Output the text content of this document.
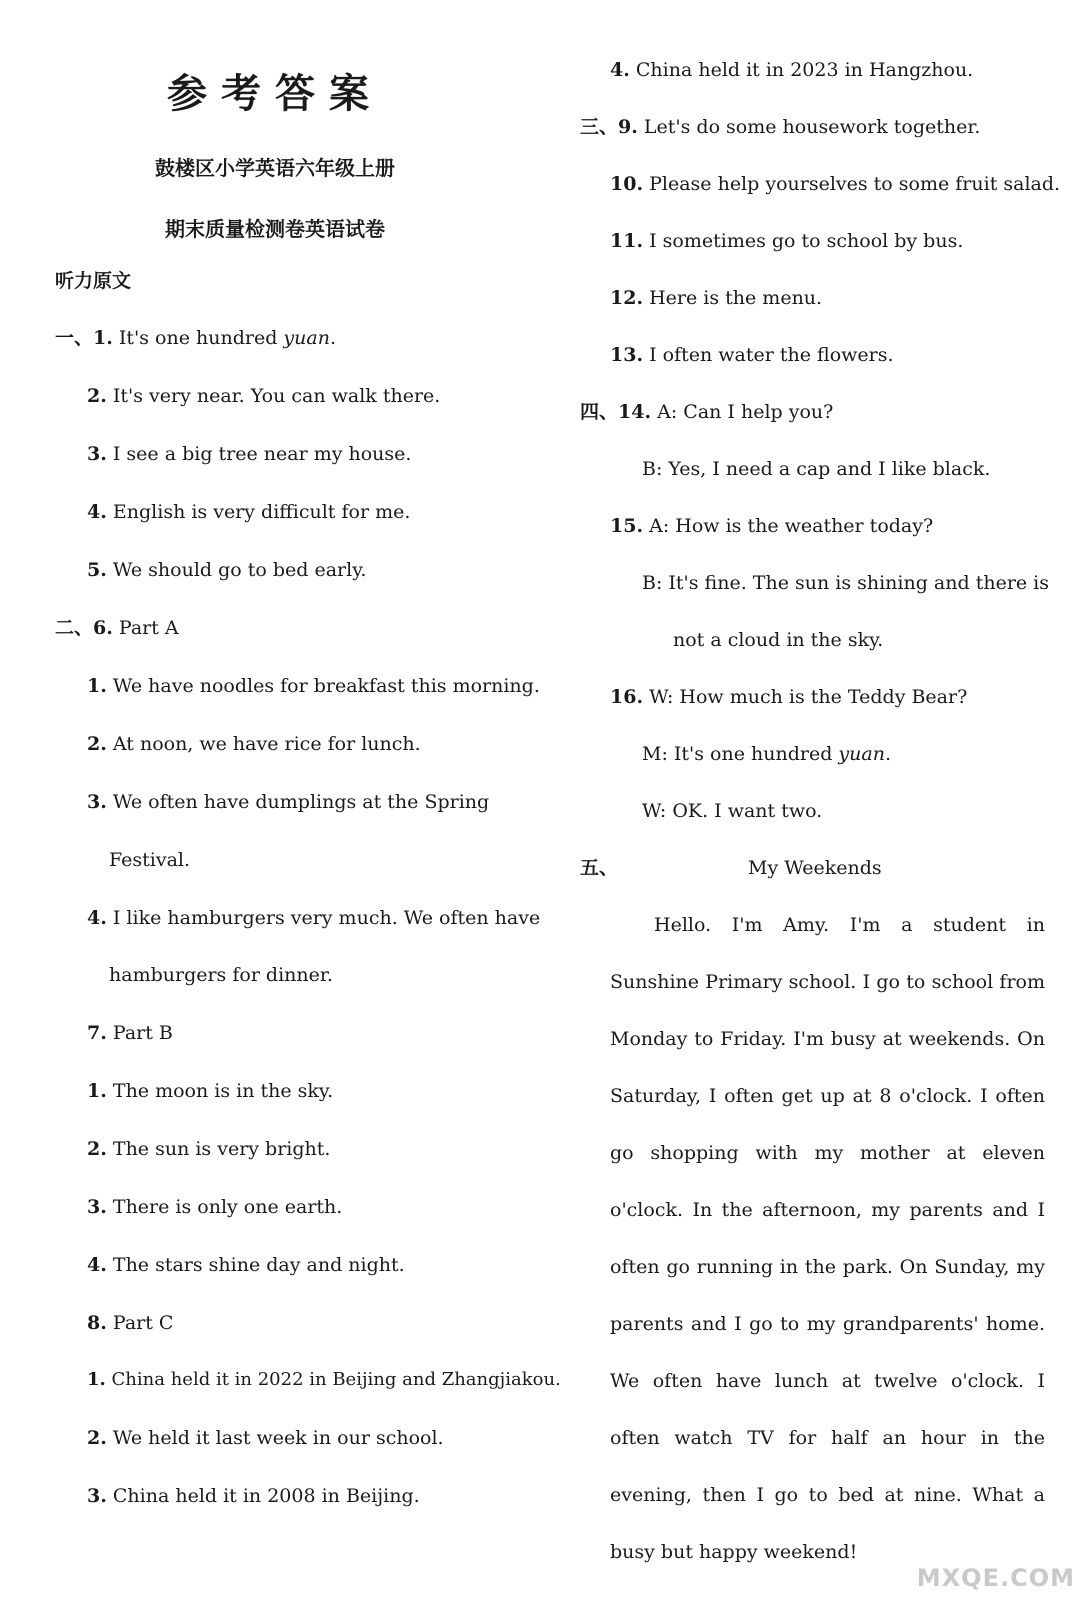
参考答案
鼓楼区小学英语六年级上册
期末质量检测卷英语试卷
听力原文
一、1. It's one hundred yuan.
2. It's very near. You can walk there.
3. I see a big tree near my house.
4. English is very difficult for me.
5. We should go to bed early.
二、6. Part A
1. We have noodles for breakfast this morning.
2. At noon, we have rice for lunch.
3. We often have dumplings at the Spring
Festival.
4. I like hamburgers very much. We often have
hamburgers for dinner.
7. Part B
1. The moon is in the sky.
2. The sun is very bright.
3. There is only one earth.
4. The stars shine day and night.
8. Part C
1. China held it in 2022 in Beijing and Zhangjiakou.
2. We held it last week in our school.
3. China held it in 2008 in Beijing.
4. China held it in 2023 in Hangzhou.
三、9. Let's do some housework together.
10. Please help yourselves to some fruit salad.
11. I sometimes go to school by bus.
12. Here is the menu.
13. I often water the flowers.
四、14. A: Can I help you?
B: Yes, I need a cap and I like black.
15. A: How is the weather today?
B: It's fine. The sun is shining and there is
not a cloud in the sky.
16. W: How much is the Teddy Bear?
M: It's one hundred yuan.
W: OK. I want two.
五、	My Weekends
Hello. I'm Amy. I'm a student in Sunshine Primary school. I go to school from Monday to Friday. I'm busy at weekends. On Saturday, I often get up at 8 o'clock. I often go shopping with my mother at eleven o'clock. In the afternoon, my parents and I often go running in the park. On Sunday, my parents and I go to my grandparents' home. We often have lunch at twelve o'clock. I often watch TV for half an hour in the evening, then I go to bed at nine. What a busy but happy weekend!
MXQE.COM
